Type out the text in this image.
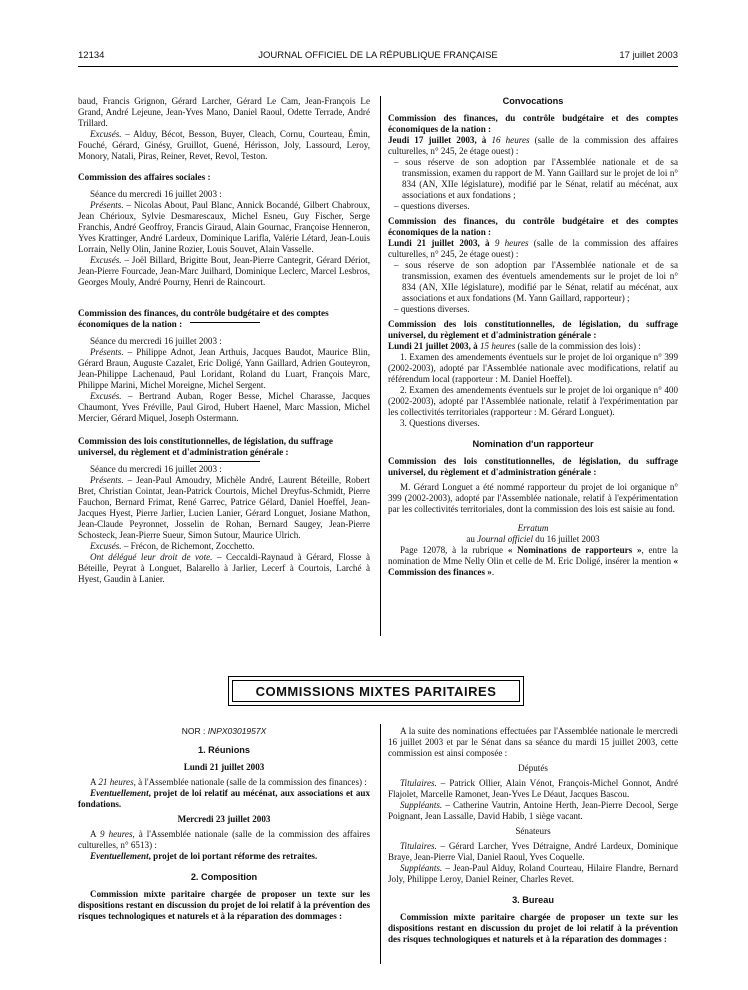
12134	JOURNAL OFFICIEL DE LA RÉPUBLIQUE FRANÇAISE	17 juillet 2003

baud, Francis Grignon, Gérard Larcher, Gérard Le Cam, Jean-François Le Grand, André Lejeune, Jean-Yves Mano, Daniel Raoul, Odette Terrade, André Trillard.

Excusés. – Alduy, Bécot, Besson, Buyer, Cleach, Cornu, Courteau, Émin, Fouché, Gérard, Ginésy, Gruillot, Guené, Hérisson, Joly, Lassourd, Leroy, Monory, Natali, Piras, Reiner, Revet, Revol, Teston.

Commission des affaires sociales :

Séance du mercredi 16 juillet 2003 :

Présents. – Nicolas About, Paul Blanc, Annick Bocandé, Gilbert Chabroux, Jean Chérioux, Sylvie Desmarescaux, Michel Esneu, Guy Fischer, Serge Franchis, André Geoffroy, Francis Giraud, Alain Gournac, Françoise Henneron, Yves Krattinger, André Lardeux, Dominique Larifla, Valérie Létard, Jean-Louis Lorrain, Nelly Olin, Janine Rozier, Louis Souvet, Alain Vasselle.

Excusés. – Joël Billard, Brigitte Bout, Jean-Pierre Cantegrit, Gérard Dériot, Jean-Pierre Fourcade, Jean-Marc Juilhard, Dominique Leclerc, Marcel Lesbros, Georges Mouly, André Pourny, Henri de Raincourt.

Commission des finances, du contrôle budgétaire et des comptes économiques de la nation :

Séance du mercredi 16 juillet 2003 :

Présents. – Philippe Adnot, Jean Arthuis, Jacques Baudot, Maurice Blin, Gérard Braun, Auguste Cazalet, Eric Doligé, Yann Gaillard, Adrien Gouteyron, Jean-Philippe Lachenaud, Paul Loridant, Roland du Luart, François Marc, Philippe Marini, Michel Moreigne, Michel Sergent.

Excusés. – Bertrand Auban, Roger Besse, Michel Charasse, Jacques Chaumont, Yves Fréville, Paul Girod, Hubert Haenel, Marc Massion, Michel Mercier, Gérard Miquel, Joseph Ostermann.

Commission des lois constitutionnelles, de législation, du suffrage universel, du règlement et d'administration générale :

Séance du mercredi 16 juillet 2003 :

Présents. – Jean-Paul Amoudry, Michèle André, Laurent Béteille, Robert Bret, Christian Cointat, Jean-Patrick Courtois, Michel Dreyfus-Schmidt, Pierre Fauchon, Bernard Frimat, René Garrec, Patrice Gélard, Daniel Hoeffel, Jean-Jacques Hyest, Pierre Jarlier, Lucien Lanier, Gérard Longuet, Josiane Mathon, Jean-Claude Peyronnet, Josselin de Rohan, Bernard Saugey, Jean-Pierre Schosteck, Jean-Pierre Sueur, Simon Sutour, Maurice Ulrich.

Excusés. – Frécon, de Richemont, Zocchetto.

Ont délégué leur droit de vote. – Ceccaldi-Raynaud à Gérard, Flosse à Béteille, Peyrat à Longuet, Balarello à Jarlier, Lecerf à Courtois, Larché à Hyest, Gaudin à Lanier.

Convocations

Commission des finances, du contrôle budgétaire et des comptes économiques de la nation :

Jeudi 17 juillet 2003, à 16 heures (salle de la commission des affaires culturelles, n° 245, 2e étage ouest) :

– sous réserve de son adoption par l'Assemblée nationale et de sa transmission, examen du rapport de M. Yann Gaillard sur le projet de loi n° 834 (AN, XIIe législature), modifié par le Sénat, relatif au mécénat, aux associations et aux fondations ;

– questions diverses.

Commission des finances, du contrôle budgétaire et des comptes économiques de la nation :

Lundi 21 juillet 2003, à 9 heures (salle de la commission des affaires culturelles, n° 245, 2e étage ouest) :

– sous réserve de son adoption par l'Assemblée nationale et de sa transmission, examen des éventuels amendements sur le projet de loi n° 834 (AN, XIIe législature), modifié par le Sénat, relatif au mécénat, aux associations et aux fondations (M. Yann Gaillard, rapporteur) ;

– questions diverses.

Commission des lois constitutionnelles, de législation, du suffrage universel, du règlement et d'administration générale :

Lundi 21 juillet 2003, à 15 heures (salle de la commission des lois) :

1. Examen des amendements éventuels sur le projet de loi organique n° 399 (2002-2003), adopté par l'Assemblée nationale avec modifications, relatif au référendum local (rapporteur : M. Daniel Hoeffel).

2. Examen des amendements éventuels sur le projet de loi organique n° 400 (2002-2003), adopté par l'Assemblée nationale, relatif à l'expérimentation par les collectivités territoriales (rapporteur : M. Gérard Longuet).

3. Questions diverses.

Nomination d'un rapporteur

Commission des lois constitutionnelles, de législation, du suffrage universel, du règlement et d'administration générale :

M. Gérard Longuet a été nommé rapporteur du projet de loi organique n° 399 (2002-2003), adopté par l'Assemblée nationale, relatif à l'expérimentation par les collectivités territoriales, dont la commission des lois est saisie au fond.

Erratum

au Journal officiel du 16 juillet 2003

Page 12078, à la rubrique « Nominations de rapporteurs », entre la nomination de Mme Nelly Olin et celle de M. Eric Doligé, insérer la mention « Commission des finances ».

COMMISSIONS MIXTES PARITAIRES

NOR : INPX0301957X

1. Réunions

Lundi 21 juillet 2003

A 21 heures, à l'Assemblée nationale (salle de la commission des finances) :

Eventuellement, projet de loi relatif au mécénat, aux associations et aux fondations.

Mercredi 23 juillet 2003

A 9 heures, à l'Assemblée nationale (salle de la commission des affaires culturelles, n° 6513) :

Eventuellement, projet de loi portant réforme des retraites.

2. Composition

Commission mixte paritaire chargée de proposer un texte sur les dispositions restant en discussion du projet de loi relatif à la prévention des risques technologiques et naturels et à la réparation des dommages :

A la suite des nominations effectuées par l'Assemblée nationale le mercredi 16 juillet 2003 et par le Sénat dans sa séance du mardi 15 juillet 2003, cette commission est ainsi composée :

Députés

Titulaires. – Patrick Ollier, Alain Vénot, François-Michel Gonnot, André Flajolet, Marcelle Ramonet, Jean-Yves Le Déaut, Jacques Bascou.

Suppléants. – Catherine Vautrin, Antoine Herth, Jean-Pierre Decool, Serge Poignant, Jean Lassalle, David Habib, 1 siège vacant.

Sénateurs

Titulaires. – Gérard Larcher, Yves Détraigne, André Lardeux, Dominique Braye, Jean-Pierre Vial, Daniel Raoul, Yves Coquelle.

Suppléants. – Jean-Paul Alduy, Roland Courteau, Hilaire Flandre, Bernard Joly, Philippe Leroy, Daniel Reiner, Charles Revet.

3. Bureau

Commission mixte paritaire chargée de proposer un texte sur les dispositions restant en discussion du projet de loi relatif à la prévention des risques technologiques et naturels et à la réparation des dommages :
